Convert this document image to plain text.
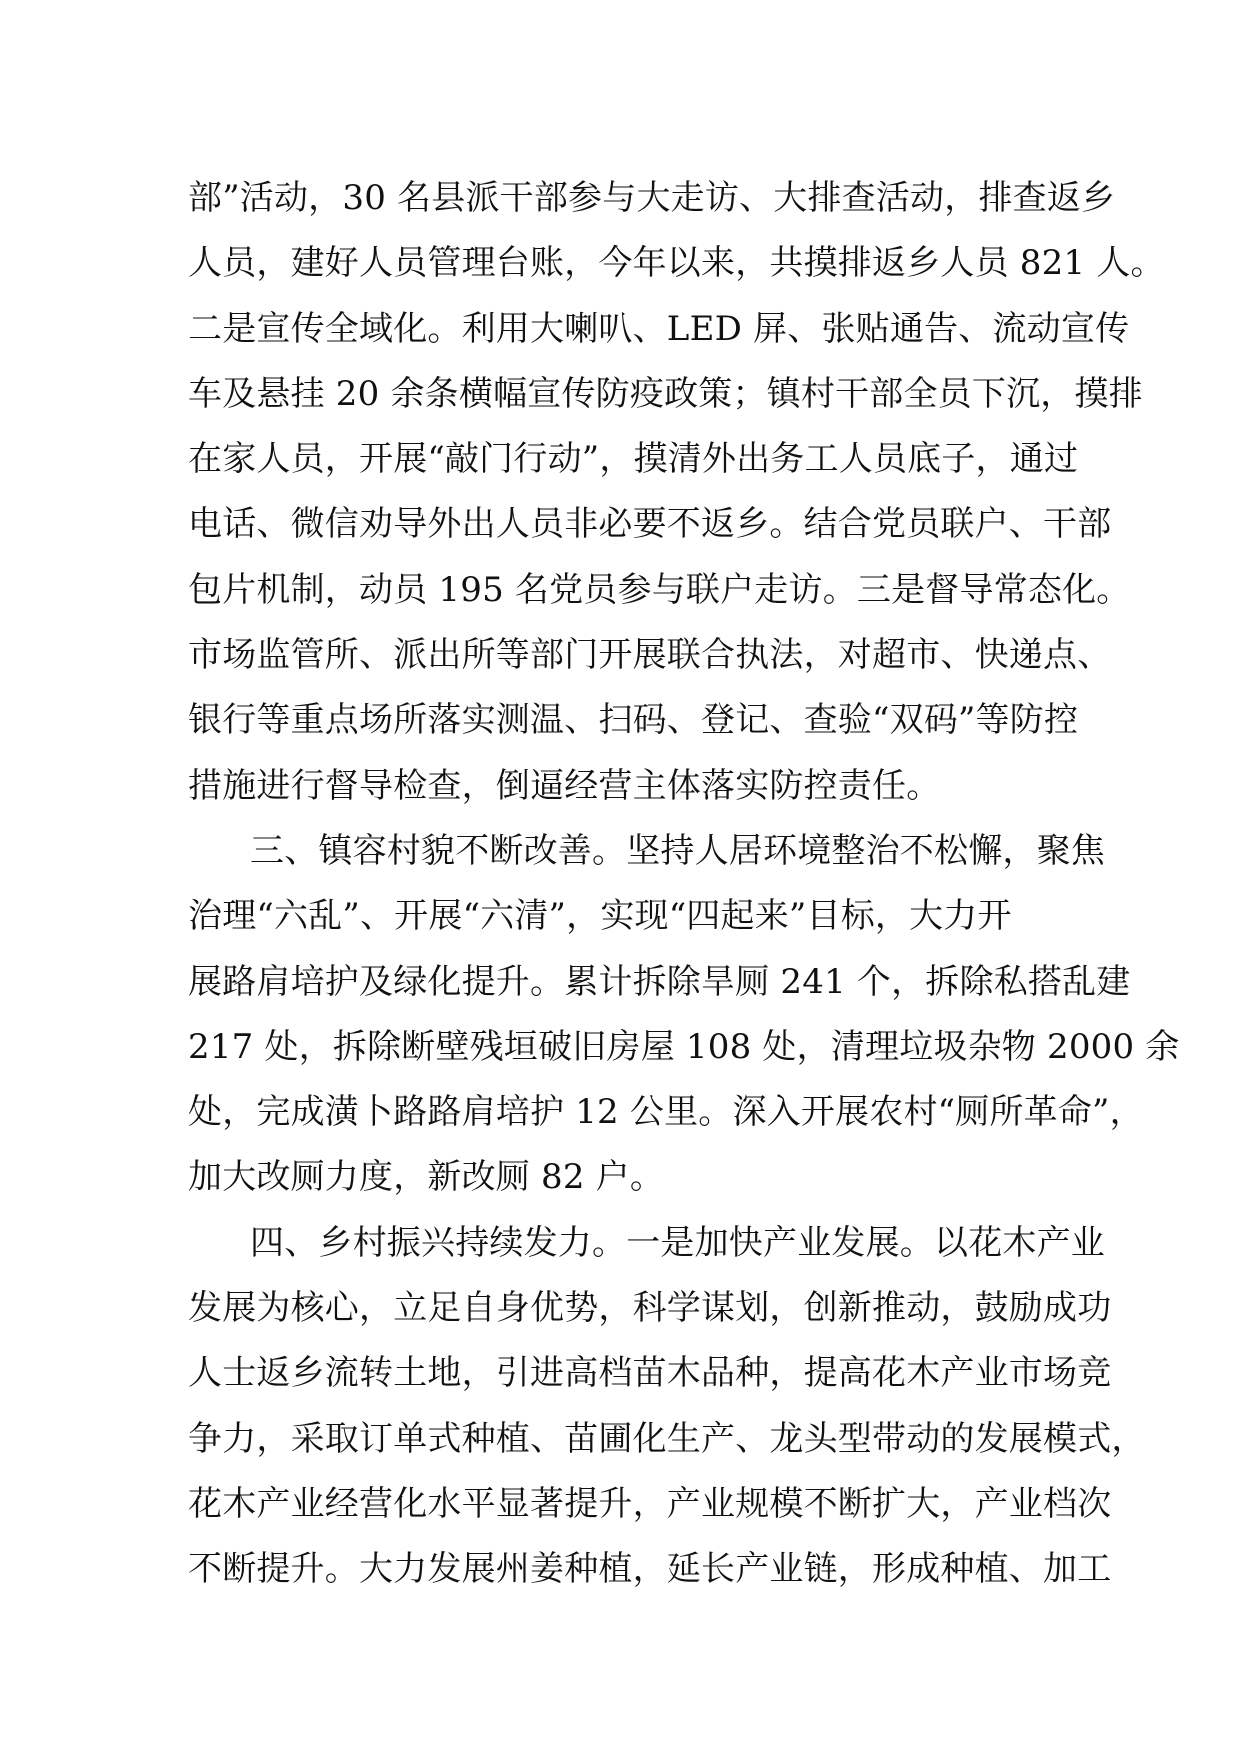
部”活动，30 名县派干部参与大走访、大排查活动，排查返乡
人员，建好人员管理台账，今年以来，共摸排返乡人员 821 人。
二是宣传全域化。利用大喇叭、LED 屏、张贴通告、流动宣传
车及悬挂 20 余条横幅宣传防疫政策；镇村干部全员下沉，摸排
在家人员，开展“敲门行动”，摸清外出务工人员底子，通过
电话、微信劝导外出人员非必要不返乡。结合党员联户、干部
包片机制，动员 195 名党员参与联户走访。三是督导常态化。
市场监管所、派出所等部门开展联合执法，对超市、快递点、
银行等重点场所落实测温、扫码、登记、查验“双码”等防控
措施进行督导检查，倒逼经营主体落实防控责任。
三、镇容村貌不断改善。坚持人居环境整治不松懈，聚焦
治理“六乱”、开展“六清”，实现“四起来”目标，大力开
展路肩培护及绿化提升。累计拆除旱厕 241 个，拆除私搭乱建
217 处，拆除断壁残垣破旧房屋 108 处，清理垃圾杂物 2000 余
处，完成潢卜路路肩培护 12 公里。深入开展农村“厕所革命”，
加大改厕力度，新改厕 82 户。
四、乡村振兴持续发力。一是加快产业发展。以花木产业
发展为核心，立足自身优势，科学谋划，创新推动，鼓励成功
人士返乡流转土地，引进高档苗木品种，提高花木产业市场竞
争力，采取订单式种植、苗圃化生产、龙头型带动的发展模式，
花木产业经营化水平显著提升，产业规模不断扩大，产业档次
不断提升。大力发展州姜种植，延长产业链，形成种植、加工
